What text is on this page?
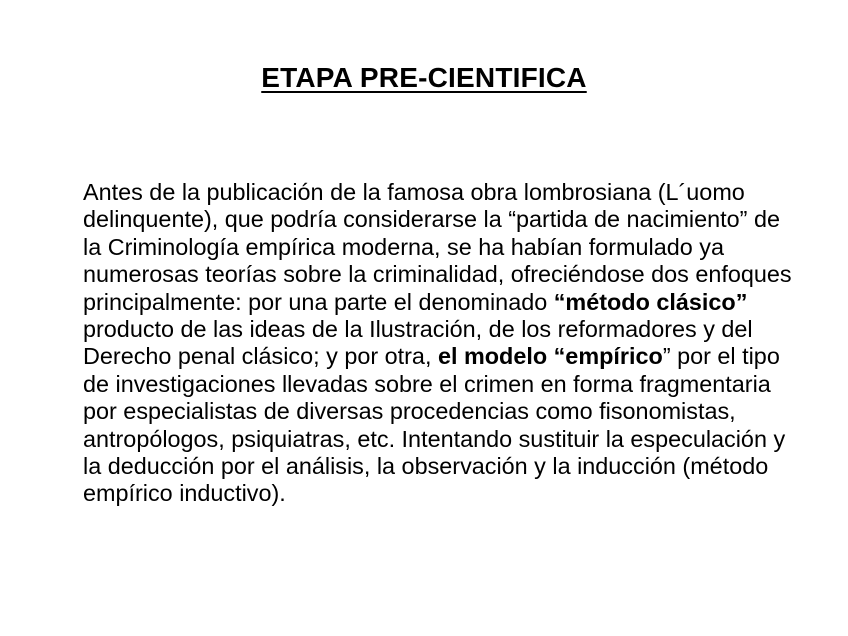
ETAPA PRE-CIENTIFICA

Antes de la publicación de la famosa obra lombrosiana (L´uomo delinquente), que podría considerarse la “partida de nacimiento” de la Criminología empírica moderna, se ha habían formulado ya numerosas teorías sobre la criminalidad, ofreciéndose dos enfoques principalmente: por una parte el denominado “método clásico” producto de las ideas de la Ilustración, de los reformadores y del Derecho penal clásico; y por otra, el modelo “empírico” por el tipo de investigaciones llevadas sobre el crimen en forma fragmentaria por especialistas de diversas procedencias como fisonomistas, antropólogos, psiquiatras, etc. Intentando sustituir la especulación y la deducción por el análisis, la observación y la inducción (método empírico inductivo).
